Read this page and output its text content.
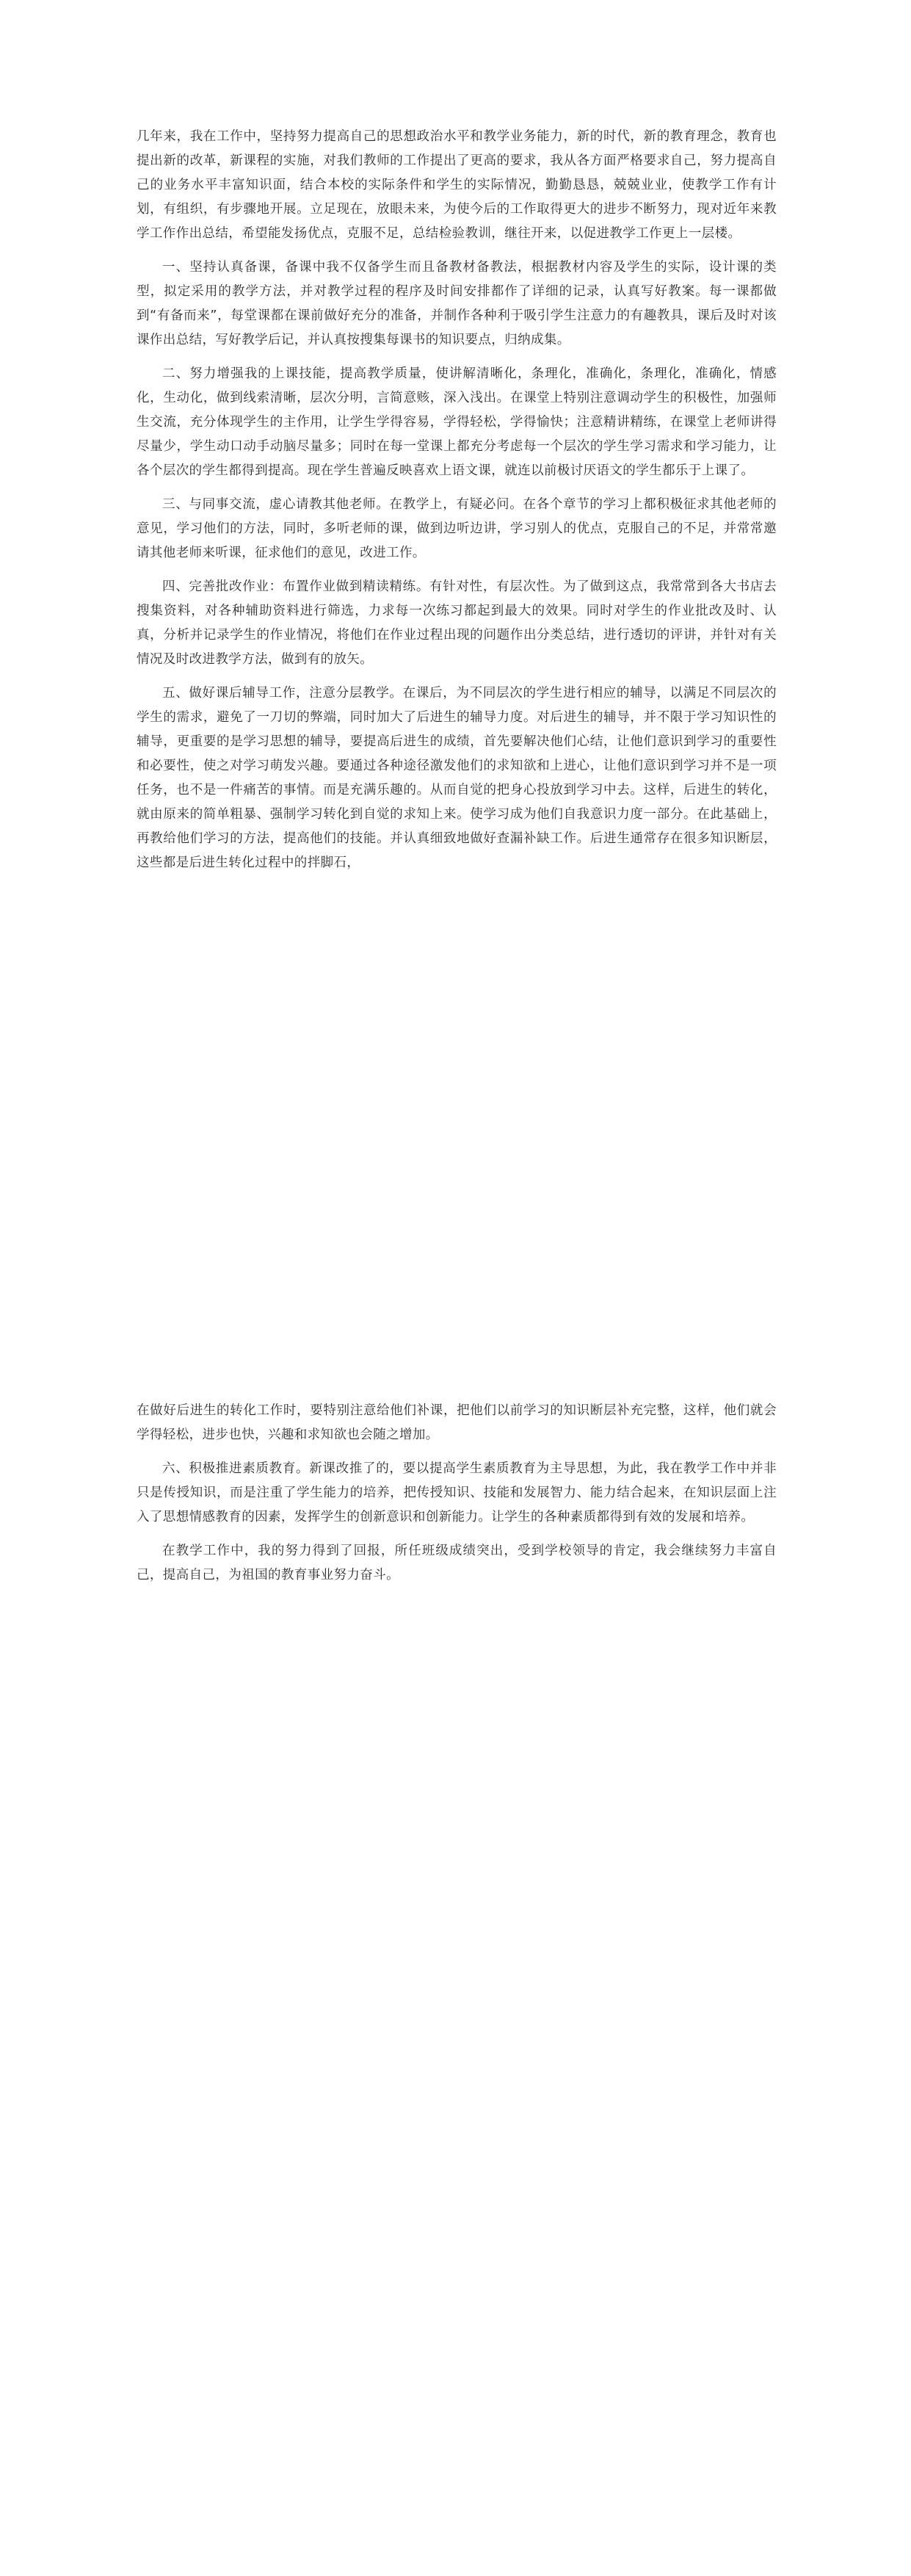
几年来，我在工作中，坚持努力提高自己的思想政治水平和教学业务能力，新的时代，新的教育理念，教育也提出新的改革，新课程的实施，对我们教师的工作提出了更高的要求，我从各方面严格要求自己，努力提高自己的业务水平丰富知识面，结合本校的实际条件和学生的实际情况，勤勤恳恳，兢兢业业，使教学工作有计划，有组织，有步骤地开展。立足现在，放眼未来，为使今后的工作取得更大的进步不断努力，现对近年来教学工作作出总结，希望能发扬优点，克服不足，总结检验教训，继往开来，以促进教学工作更上一层楼。

一、坚持认真备课，备课中我不仅备学生而且备教材备教法，根据教材内容及学生的实际，设计课的类型，拟定采用的教学方法，并对教学过程的程序及时间安排都作了详细的记录，认真写好教案。每一课都做到“有备而来”，每堂课都在课前做好充分的准备，并制作各种利于吸引学生注意力的有趣教具，课后及时对该课作出总结，写好教学后记，并认真按搜集每课书的知识要点，归纳成集。

二、努力增强我的上课技能，提高教学质量，使讲解清晰化，条理化，准确化，条理化，准确化，情感化，生动化，做到线索清晰，层次分明，言简意赅，深入浅出。在课堂上特别注意调动学生的积极性，加强师生交流，充分体现学生的主作用，让学生学得容易，学得轻松，学得愉快；注意精讲精练，在课堂上老师讲得尽量少，学生动口动手动脑尽量多；同时在每一堂课上都充分考虑每一个层次的学生学习需求和学习能力，让各个层次的学生都得到提高。现在学生普遍反映喜欢上语文课，就连以前极讨厌语文的学生都乐于上课了。

三、与同事交流，虚心请教其他老师。在教学上，有疑必问。在各个章节的学习上都积极征求其他老师的意见，学习他们的方法，同时，多听老师的课，做到边听边讲，学习别人的优点，克服自己的不足，并常常邀请其他老师来听课，征求他们的意见，改进工作。

四、完善批改作业：布置作业做到精读精练。有针对性，有层次性。为了做到这点，我常常到各大书店去搜集资料，对各种辅助资料进行筛选，力求每一次练习都起到最大的效果。同时对学生的作业批改及时、认真，分析并记录学生的作业情况，将他们在作业过程出现的问题作出分类总结，进行透切的评讲，并针对有关情况及时改进教学方法，做到有的放矢。

五、做好课后辅导工作，注意分层教学。在课后，为不同层次的学生进行相应的辅导，以满足不同层次的学生的需求，避免了一刀切的弊端，同时加大了后进生的辅导力度。对后进生的辅导，并不限于学习知识性的辅导，更重要的是学习思想的辅导，要提高后进生的成绩，首先要解决他们心结，让他们意识到学习的重要性和必要性，使之对学习萌发兴趣。要通过各种途径激发他们的求知欲和上进心，让他们意识到学习并不是一项任务，也不是一件痛苦的事情。而是充满乐趣的。从而自觉的把身心投放到学习中去。这样，后进生的转化，就由原来的简单粗暴、强制学习转化到自觉的求知上来。使学习成为他们自我意识力度一部分。在此基础上，再教给他们学习的方法，提高他们的技能。并认真细致地做好查漏补缺工作。后进生通常存在很多知识断层，这些都是后进生转化过程中的拌脚石，

在做好后进生的转化工作时，要特别注意给他们补课，把他们以前学习的知识断层补充完整，这样，他们就会学得轻松，进步也快，兴趣和求知欲也会随之增加。

六、积极推进素质教育。新课改推了的，要以提高学生素质教育为主导思想，为此，我在教学工作中并非只是传授知识，而是注重了学生能力的培养，把传授知识、技能和发展智力、能力结合起来，在知识层面上注入了思想情感教育的因素，发挥学生的创新意识和创新能力。让学生的各种素质都得到有效的发展和培养。

在教学工作中，我的努力得到了回报，所任班级成绩突出，受到学校领导的肯定，我会继续努力丰富自己，提高自己，为祖国的教育事业努力奋斗。
